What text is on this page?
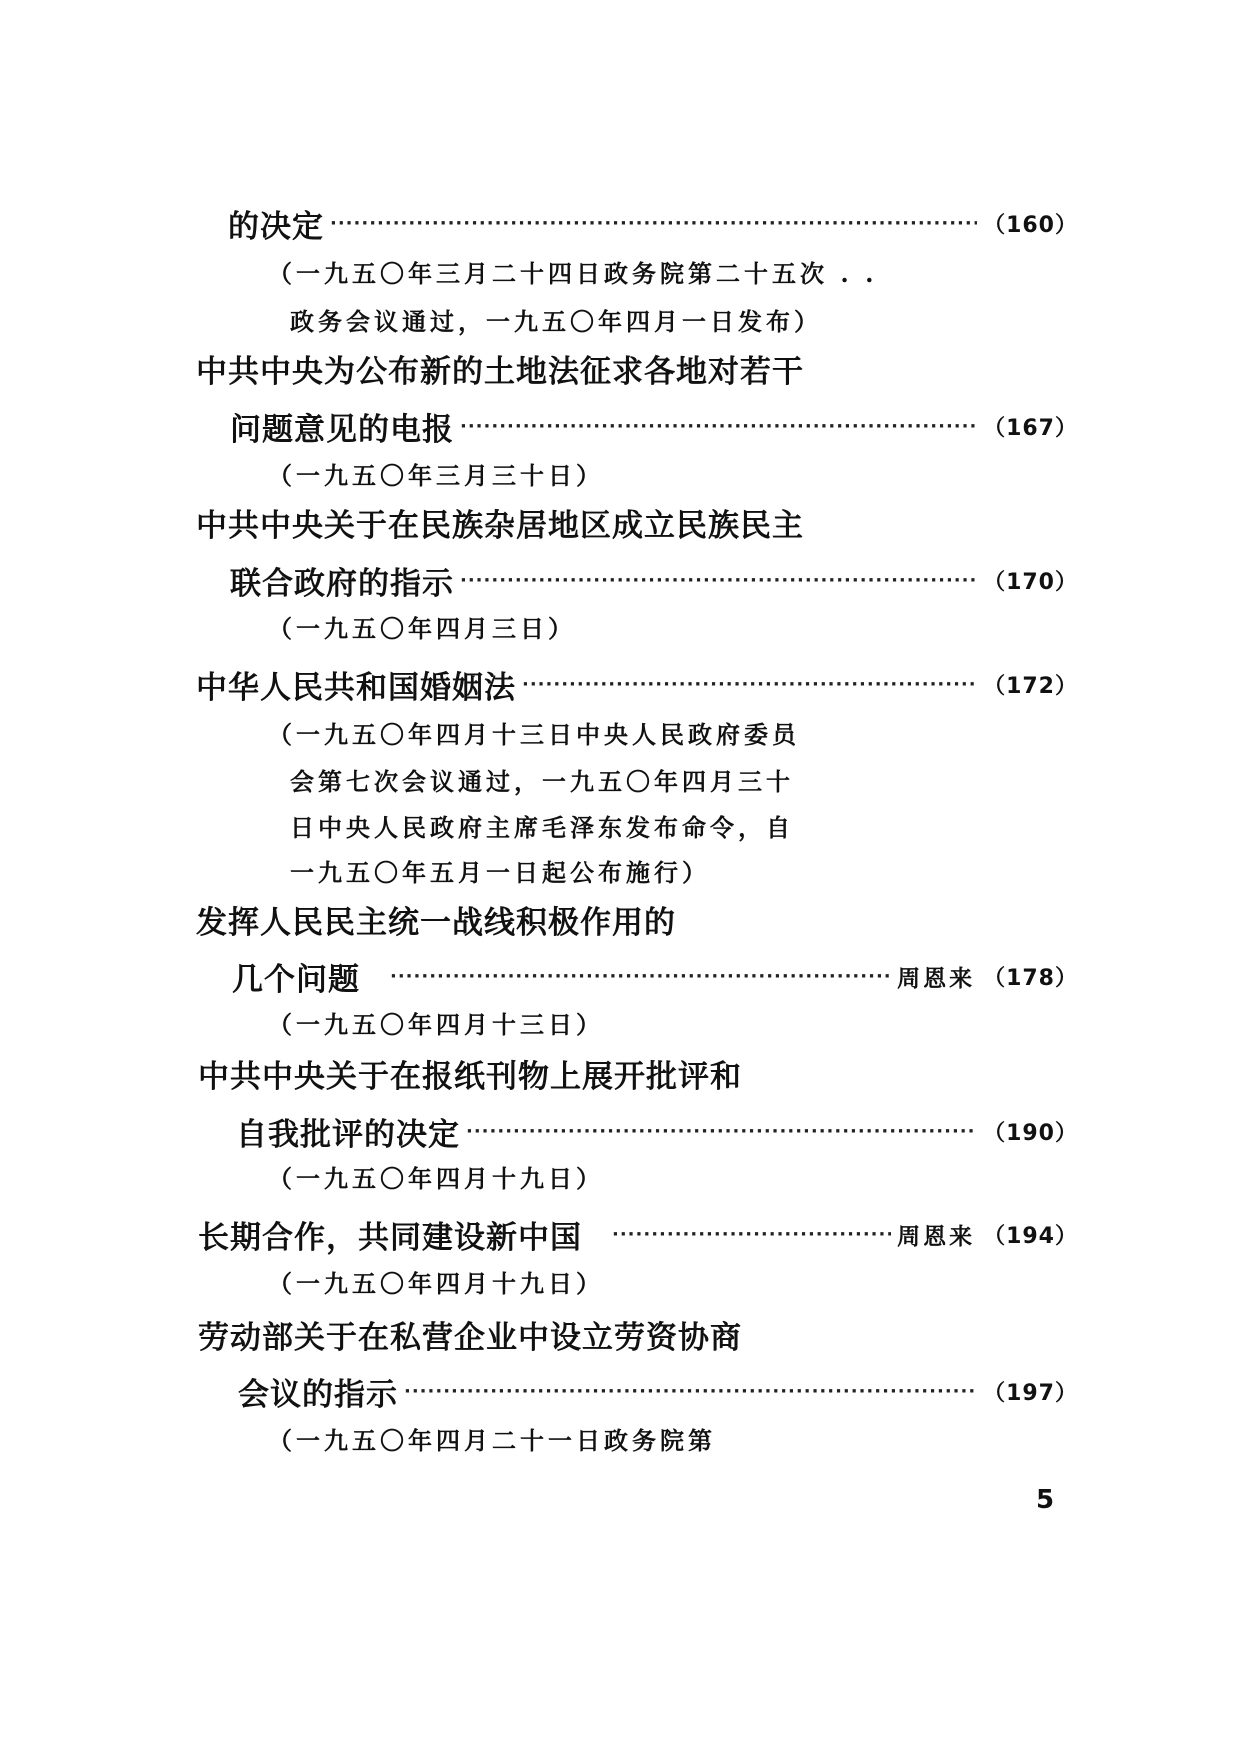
的决定 ·····	（160）
（一九五〇年三月二十四日政务院第二十五次 . .
政务会议通过，一九五〇年四月一日发布）
中共中央为公布新的土地法征求各地对若干
问题意见的电报 ·····	（167）
（一九五〇年三月三十日）
中共中央关于在民族杂居地区成立民族民主
联合政府的指示 ·····	（170）
（一九五〇年四月三日）
中华人民共和国婚姻法 ·····	（172）
（一九五〇年四月十三日中央人民政府委员
会第七次会议通过，一九五〇年四月三十
日中央人民政府主席毛泽东发布命令，自
一九五〇年五月一日起公布施行）
发挥人民民主统一战线积极作用的
几个问题 ·····	周恩来 （178）
（一九五〇年四月十三日）
中共中央关于在报纸刊物上展开批评和
自我批评的决定 ·····	（190）
（一九五〇年四月十九日）
长期合作，共同建设新中国 ·····	周恩来 （194）
（一九五〇年四月十九日）
劳动部关于在私营企业中设立劳资协商
会议的指示 ·····	（197）
（一九五〇年四月二十一日政务院第
5
